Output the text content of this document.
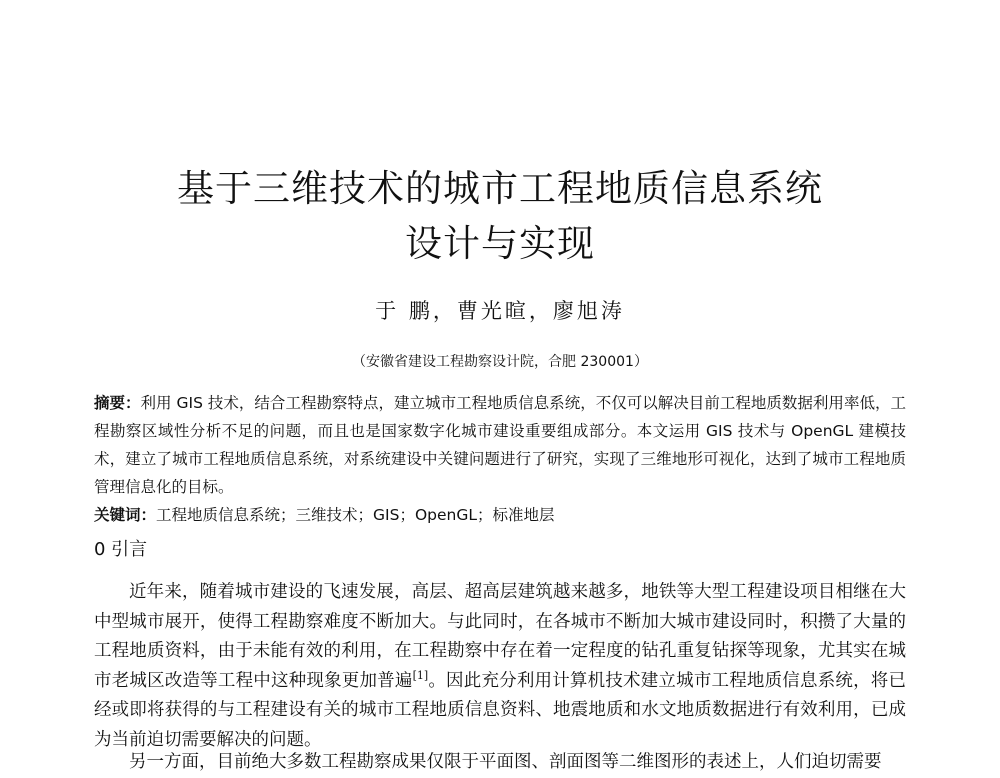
基于三维技术的城市工程地质信息系统
设计与实现
于 鹏，曹光暄，廖旭涛
（安徽省建设工程勘察设计院，合肥 230001）
摘要：利用 GIS 技术，结合工程勘察特点，建立城市工程地质信息系统，不仅可以解决目前工程地质数据利用率低，工程勘察区域性分析不足的问题，而且也是国家数字化城市建设重要组成部分。本文运用 GIS 技术与 OpenGL 建模技术，建立了城市工程地质信息系统，对系统建设中关键问题进行了研究，实现了三维地形可视化，达到了城市工程地质管理信息化的目标。
关键词：工程地质信息系统；三维技术；GIS；OpenGL；标准地层
0 引言

近年来，随着城市建设的飞速发展，高层、超高层建筑越来越多，地铁等大型工程建设项目相继在大中型城市展开，使得工程勘察难度不断加大。与此同时，在各城市不断加大城市建设同时，积攒了大量的工程地质资料，由于未能有效的利用，在工程勘察中存在着一定程度的钻孔重复钻探等现象，尤其实在城市老城区改造等工程中这种现象更加普遍[1]。因此充分利用计算机技术建立城市工程地质信息系统，将已经或即将获得的与工程建设有关的城市工程地质信息资料、地震地质和水文地质数据进行有效利用，已成为当前迫切需要解决的问题。

另一方面，目前绝大多数工程勘察成果仅限于平面图、剖面图等二维图形的表述上，人们迫切需要
